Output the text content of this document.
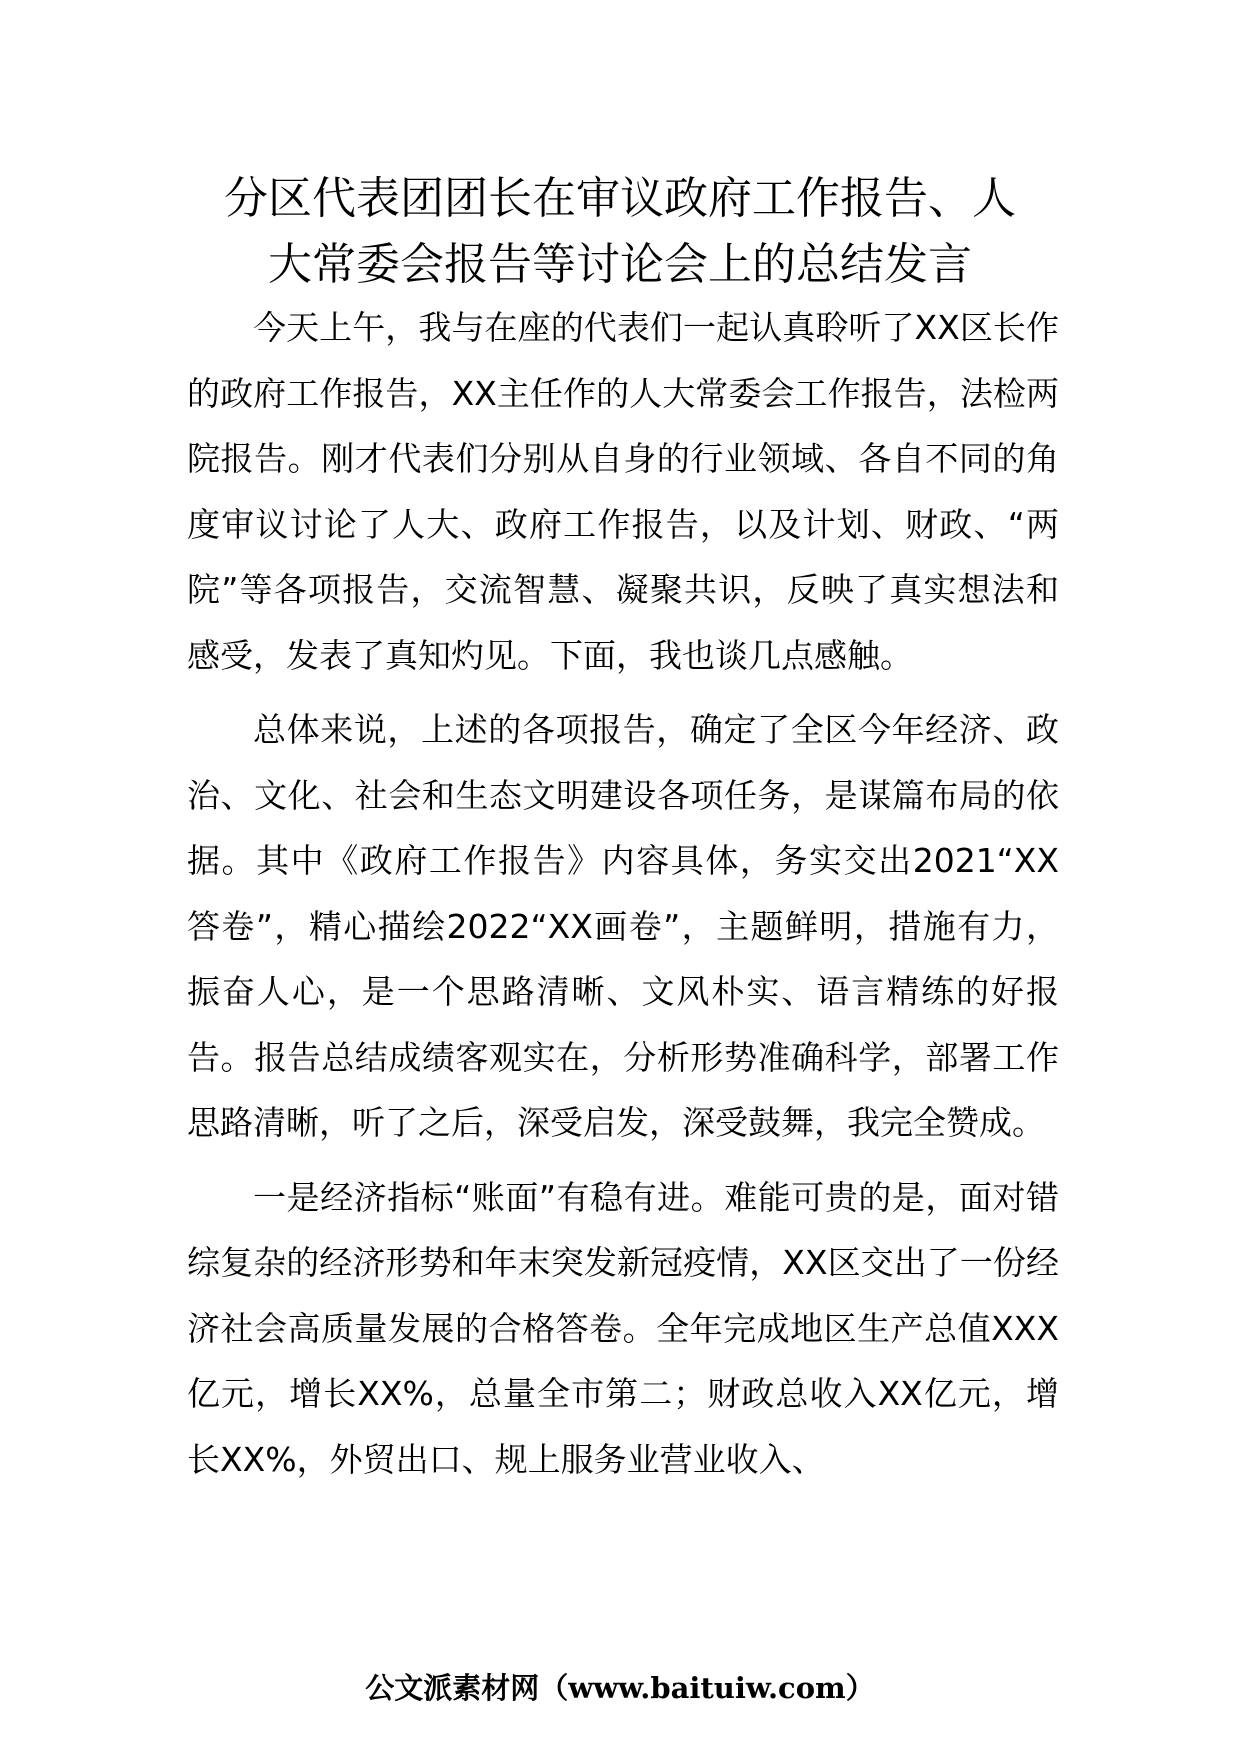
分区代表团团长在审议政府工作报告、人
大常委会报告等讨论会上的总结发言

今天上午，我与在座的代表们一起认真聆听了XX区长作的政府工作报告，XX主任作的人大常委会工作报告，法检两院报告。刚才代表们分别从自身的行业领域、各自不同的角度审议讨论了人大、政府工作报告，以及计划、财政、“两院”等各项报告，交流智慧、凝聚共识，反映了真实想法和感受，发表了真知灼见。下面，我也谈几点感触。

总体来说，上述的各项报告，确定了全区今年经济、政治、文化、社会和生态文明建设各项任务，是谋篇布局的依据。其中《政府工作报告》内容具体，务实交出2021“XX答卷”，精心描绘2022“XX画卷”，主题鲜明，措施有力，振奋人心，是一个思路清晰、文风朴实、语言精练的好报告。报告总结成绩客观实在，分析形势准确科学，部署工作思路清晰，听了之后，深受启发，深受鼓舞，我完全赞成。

一是经济指标“账面”有稳有进。难能可贵的是，面对错综复杂的经济形势和年末突发新冠疫情，XX区交出了一份经济社会高质量发展的合格答卷。全年完成地区生产总值XXX亿元，增长XX%，总量全市第二；财政总收入XX亿元，增长XX%，外贸出口、规上服务业营业收入、

公文派素材网（www.baituiw.com）
